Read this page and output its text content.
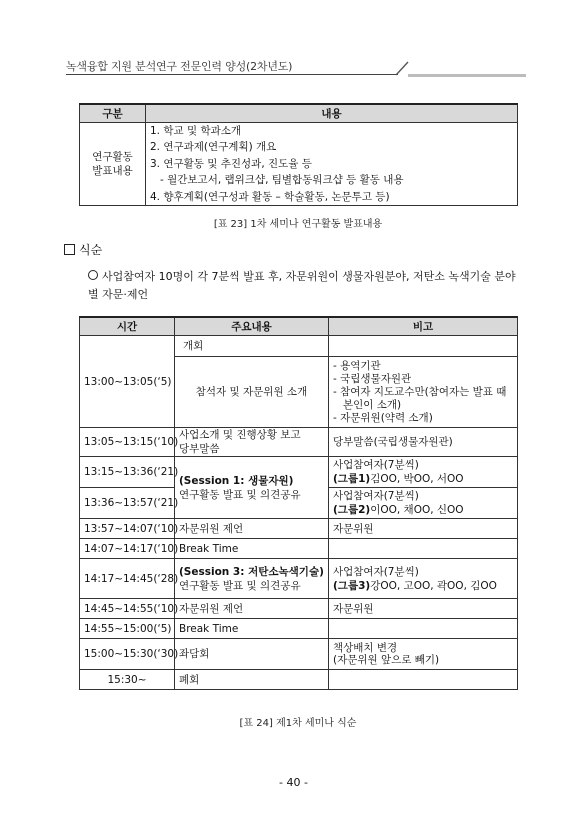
녹색융합 지원 분석연구 전문인력 양성(2차년도)
구분	내용

연구활동
발표내용	1. 학교 및 학과소개
2. 연구과제(연구계획) 개요
3. 연구활동 및 추진성과, 진도율 등
- 월간보고서, 랩위크샵, 팀별합동워크샵 등 활동 내용
4. 향후계획(연구성과 활동 – 학술활동, 논문투고 등)
[표 23] 1차 세미나 연구활동 발표내용
식순
사업참여자 10명이 각 7분씩 발표 후, 자문위원이 생물자원분야, 저탄소 녹색기술 분야별 자문·제언
시간	주요내용	비고
13:00~13:05(‘5)	개회	
	참석자 및 자문위원 소개	- 용역기관
- 국립생물자원관
- 참여자 지도교수만(참여자는 발표 때 본인이 소개)
- 자문위원(약력 소개)

13:05~13:15(‘10)	사업소개 및 진행상황 보고
당부말씀	당부말씀(국립생물자원관)
13:15~13:36(‘21)	(Session 1: 생물자원)
연구활동 발표 및 의견공유	사업참여자(7분씩)
(그룹1)김OO, 박OO, 서OO

13:36~13:57(‘21)		사업참여자(7분씩)
(그룹2)이OO, 채OO, 신OO

13:57~14:07(‘10)	자문위원 제언	자문위원
14:07~14:17(‘10)	Break Time	
14:17~14:45(‘28)	(Session 3: 저탄소녹색기술)
연구활동 발표 및 의견공유	사업참여자(7분씩)
(그룹3)강OO, 고OO, 곽OO, 김OO

14:45~14:55(‘10)	자문위원 제언	자문위원
14:55~15:00(‘5)	Break Time	
15:00~15:30(‘30)	좌담회	책상배치 변경
(자문위원 앞으로 빼기)

15:30~	폐회	
[표 24] 제1차 세미나 식순
- 40 -
